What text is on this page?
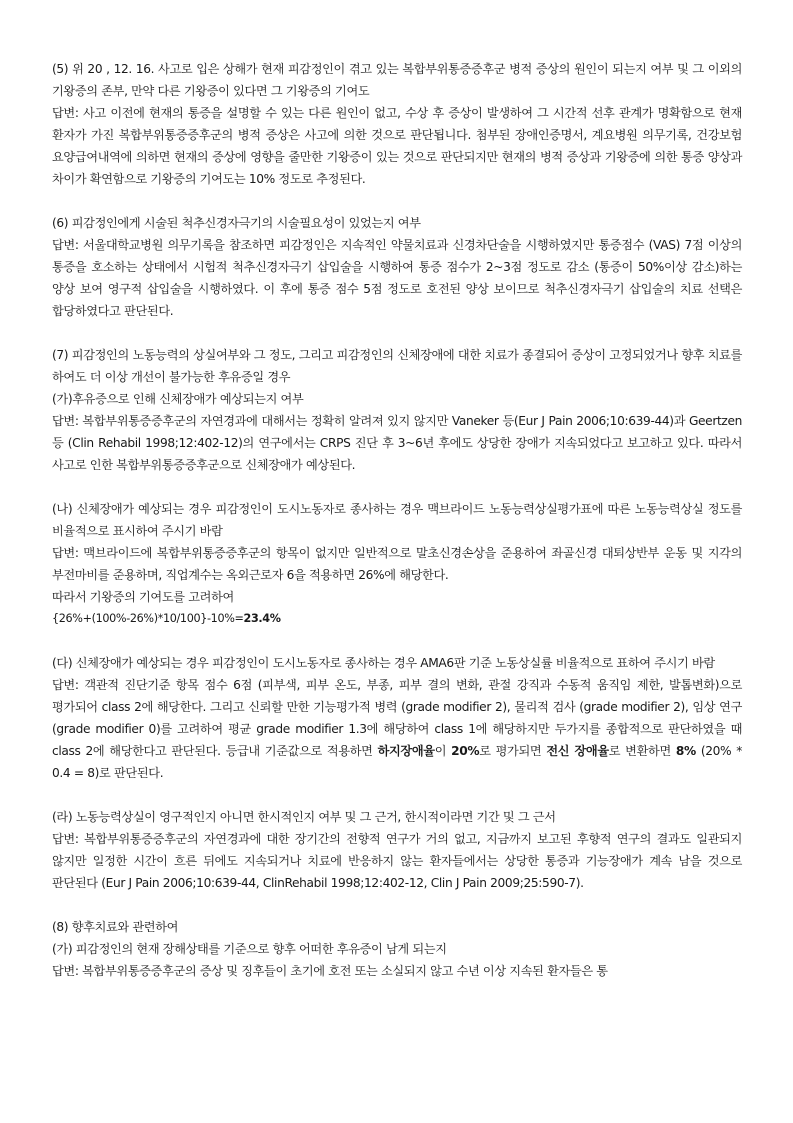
(5) 위 20 , 12. 16. 사고로 입은 상해가 현재 피감정인이 겪고 있는 복합부위통증증후군 병적 증상의 원인이 되는지 여부 및 그 이외의 기왕증의 존부, 만약 다른 기왕증이 있다면 그 기왕증의 기여도
답변: 사고 이전에 현재의 통증을 설명할 수 있는 다른 원인이 없고, 수상 후 증상이 발생하여 그 시간적 선후 관계가 명확함으로 현재 환자가 가진 복합부위통증증후군의 병적 증상은 사고에 의한 것으로 판단됩니다. 첨부된 장애인증명서, 계요병원 의무기록, 건강보험 요양급여내역에 의하면 현재의 증상에 영향을 줄만한 기왕증이 있는 것으로 판단되지만 현재의 병적 증상과 기왕증에 의한 통증 양상과 차이가 확연함으로 기왕증의 기여도는 10% 정도로 추정된다.
(6) 피감정인에게 시술된 척추신경자극기의 시술필요성이 있었는지 여부
답변: 서울대학교병원 의무기록을 참조하면 피감정인은 지속적인 약물치료과 신경차단술을 시행하였지만 통증점수 (VAS) 7점 이상의 통증을 호소하는 상태에서 시험적 척추신경자극기 삽입술을 시행하여 통증 점수가 2~3점 정도로 감소 (통증이 50%이상 감소)하는 양상 보여 영구적 삽입술을 시행하였다. 이 후에 통증 점수 5점 정도로 호전된 양상 보이므로 척추신경자극기 삽입술의 치료 선택은 합당하였다고 판단된다.
(7) 피감정인의 노동능력의 상실여부와 그 정도, 그리고 피감정인의 신체장애에 대한 치료가 종결되어 증상이 고정되었거나 향후 치료를 하여도 더 이상 개선이 불가능한 후유증일 경우
(가)후유증으로 인해 신체장애가 예상되는지 여부
답변: 복합부위통증증후군의 자연경과에 대해서는 정확히 알려져 있지 않지만 Vaneker 등(Eur J Pain 2006;10:639-44)과 Geertzen 등 (Clin Rehabil 1998;12:402-12)의 연구에서는 CRPS 진단 후 3~6년 후에도 상당한 장애가 지속되었다고 보고하고 있다. 따라서 사고로 인한 복합부위통증증후군으로 신체장애가 예상된다.
(나) 신체장애가 예상되는 경우 피감정인이 도시노동자로 종사하는 경우 맥브라이드 노동능력상실평가표에 따른 노동능력상실 정도를 비율적으로 표시하여 주시기 바람
답변: 맥브라이드에 복합부위통증증후군의 항목이 없지만 일반적으로 말초신경손상을 준용하여 좌골신경 대퇴상반부 운동 및 지각의 부전마비를 준용하며, 직업계수는 옥외근로자 6을 적용하면 26%에 해당한다.
따라서 기왕증의 기여도를 고려하여
{26%+(100%-26%)*10/100}-10%=23.4%
(다) 신체장애가 예상되는 경우 피감정인이 도시노동자로 종사하는 경우 AMA6판 기준 노동상실률 비율적으로 표하여 주시기 바람
답변: 객관적 진단기준 항목 점수 6점 (피부색, 피부 온도, 부종, 피부 결의 변화, 관절 강직과 수동적 움직임 제한, 발톱변화)으로 평가되어 class 2에 해당한다. 그리고 신뢰할 만한 기능평가적 병력 (grade modifier 2), 물리적 검사 (grade modifier 2), 임상 연구 (grade modifier 0)를 고려하여 평균 grade modifier 1.3에 해당하여 class 1에 해당하지만 두가지를 종합적으로 판단하였을 때 class 2에 해당한다고 판단된다. 등급내 기준값으로 적용하면 하지장애율이 20%로 평가되면 전신 장애율로 변환하면 8% (20% * 0.4 = 8)로 판단된다.
(라) 노동능력상실이 영구적인지 아니면 한시적인지 여부 및 그 근거, 한시적이라면 기간 및 그 근서
답변: 복합부위통증증후군의 자연경과에 대한 장기간의 전향적 연구가 거의 없고, 지금까지 보고된 후향적 연구의 결과도 일관되지 않지만 일정한 시간이 흐른 뒤에도 지속되거나 치료에 반응하지 않는 환자들에서는 상당한 통증과 기능장애가 계속 남을 것으로 판단된다 (Eur J Pain 2006;10:639-44, ClinRehabil 1998;12:402-12, Clin J Pain 2009;25:590-7).
(8) 향후치료와 관련하여
(가) 피감정인의 현재 장해상태를 기준으로 향후 어떠한 후유증이 남게 되는지
답변: 복합부위통증증후군의 증상 및 징후들이 초기에 호전 또는 소실되지 않고 수년 이상 지속된 환자들은 통
